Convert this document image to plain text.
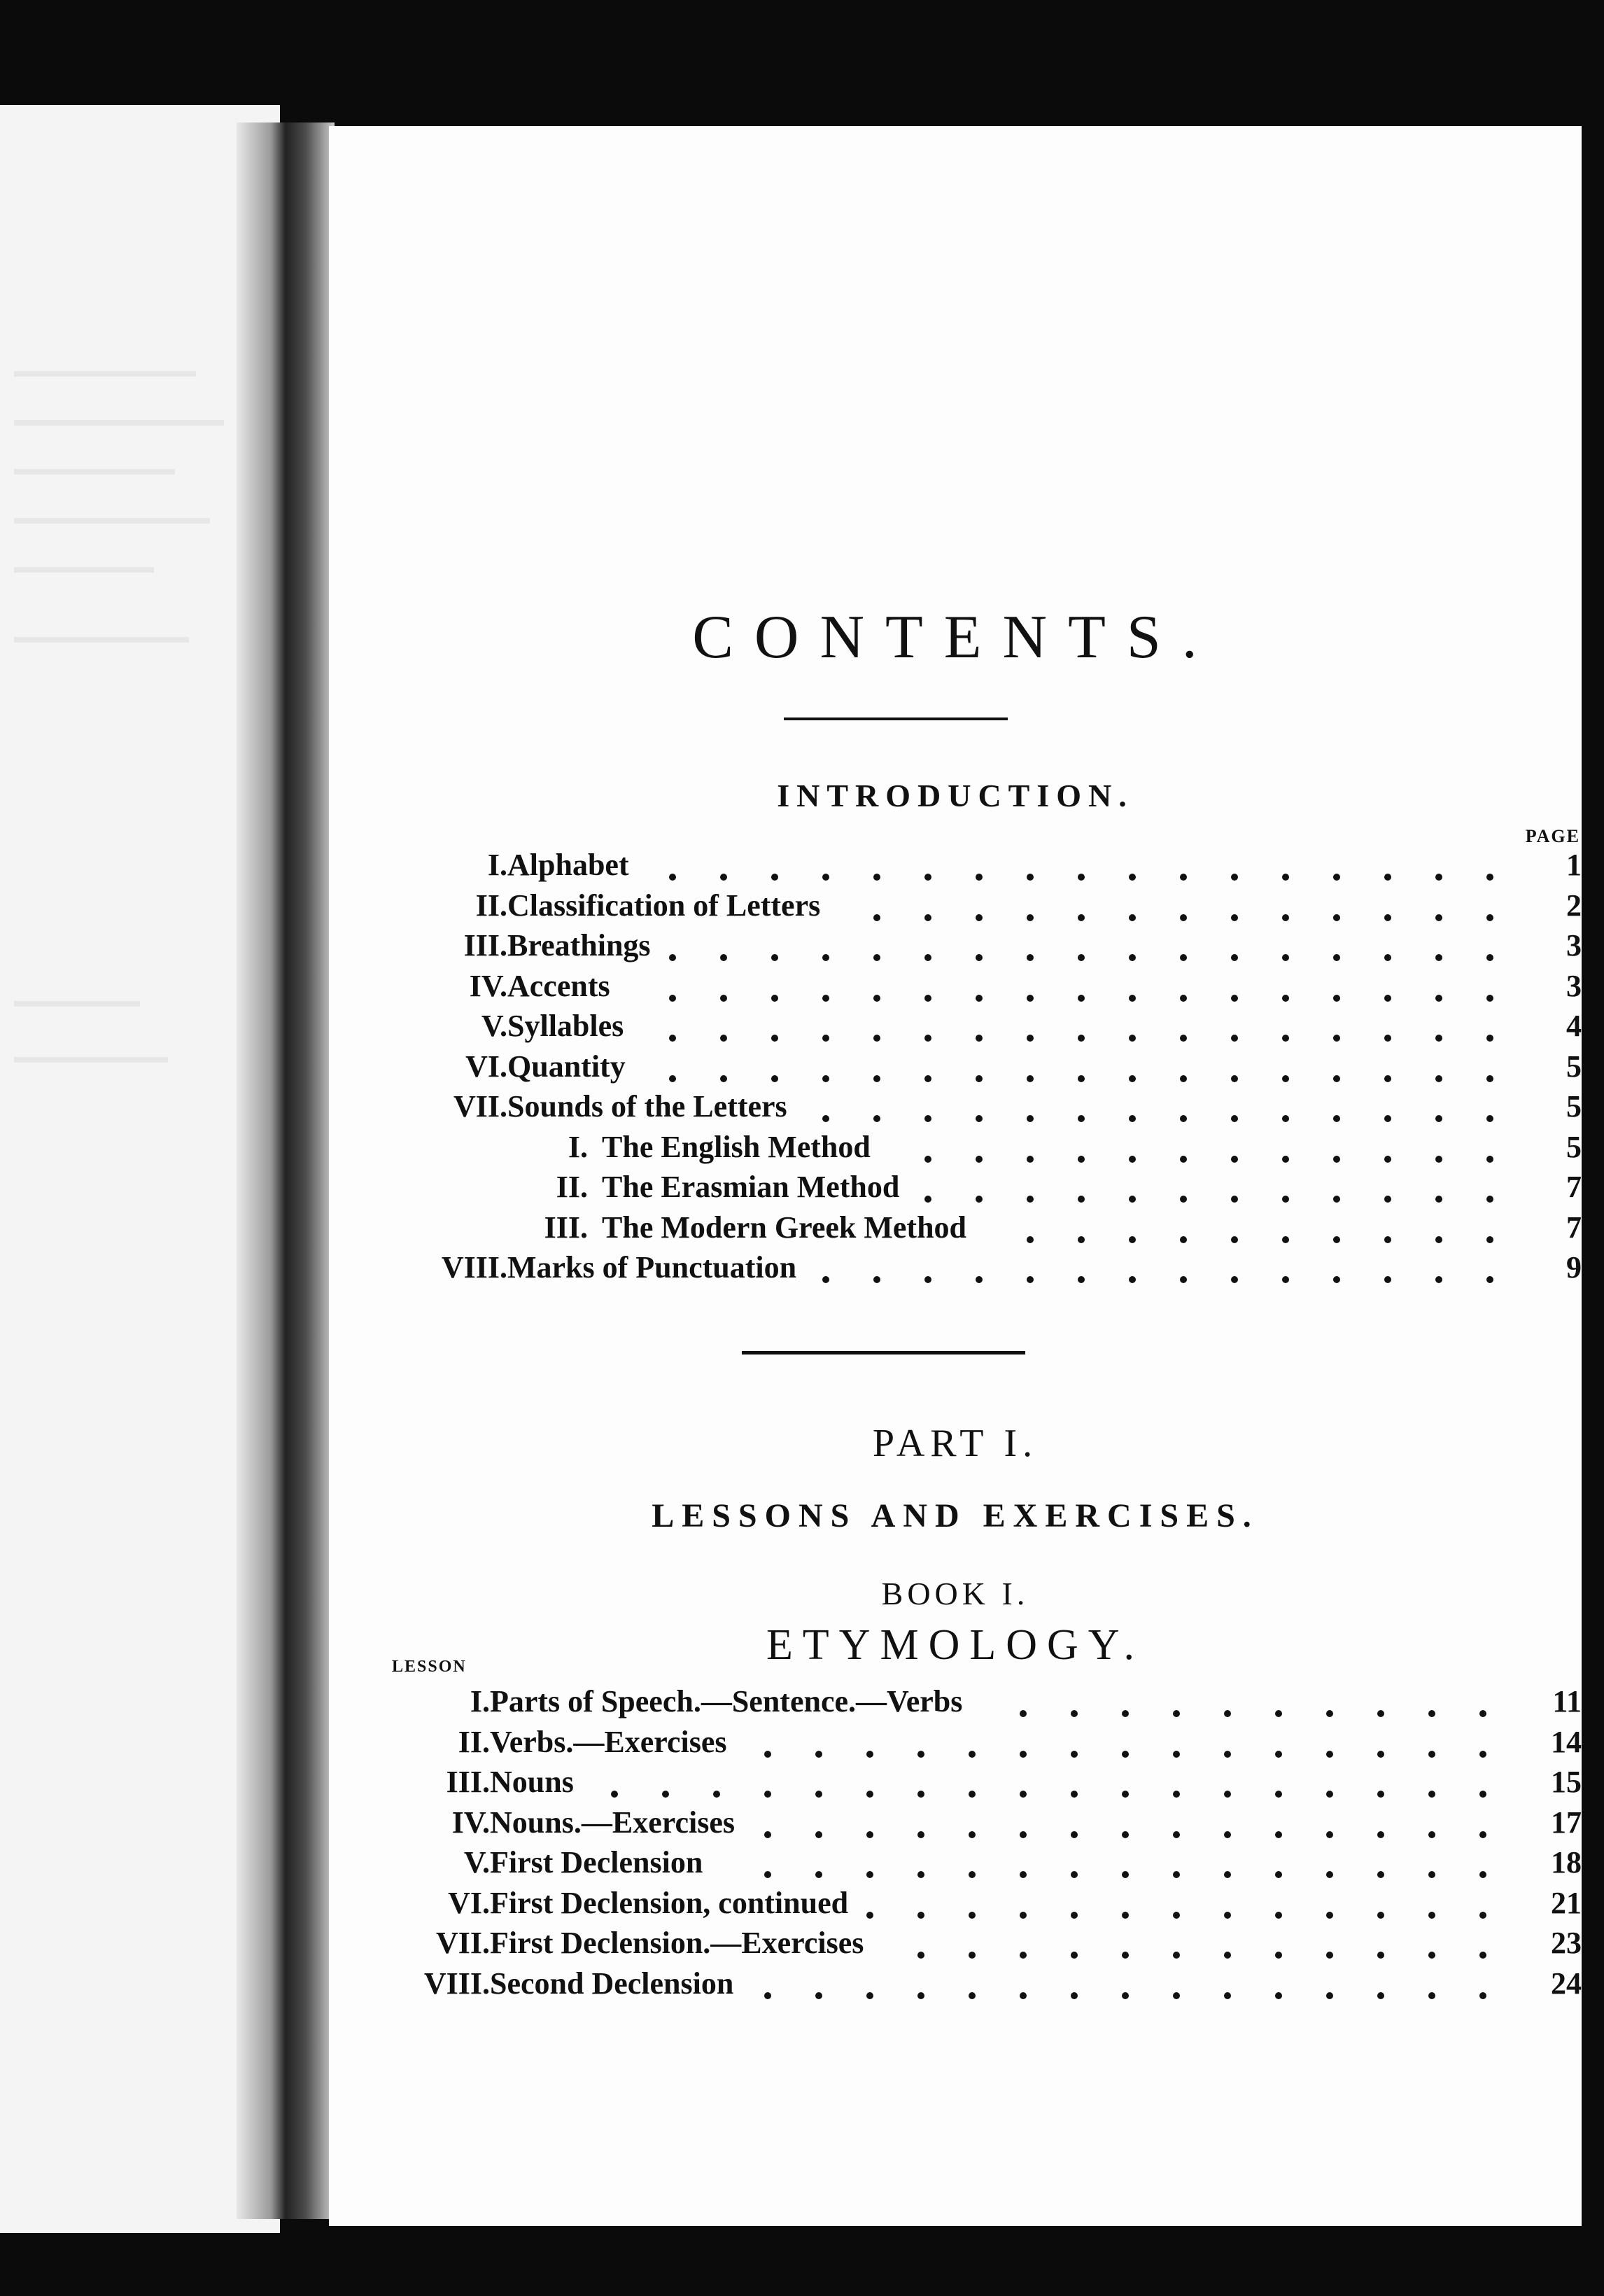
CONTENTS.
INTRODUCTION.
PAGE
I. Alphabet	1
II. Classification of Letters	2
III. Breathings	3
IV. Accents	3
V. Syllables	4
VI. Quantity	5
VII. Sounds of the Letters	5
I. The English Method	5
II. The Erasmian Method	7
III. The Modern Greek Method	7
VIII. Marks of Punctuation	9
PART I.
LESSONS AND EXERCISES.
BOOK I.
ETYMOLOGY.
LESSON
I. Parts of Speech.—Sentence.—Verbs	11
II. Verbs.—Exercises	14
III. Nouns	15
IV. Nouns.—Exercises	17
V. First Declension	18
VI. First Declension, continued	21
VII. First Declension.—Exercises	23
VIII. Second Declension	24
